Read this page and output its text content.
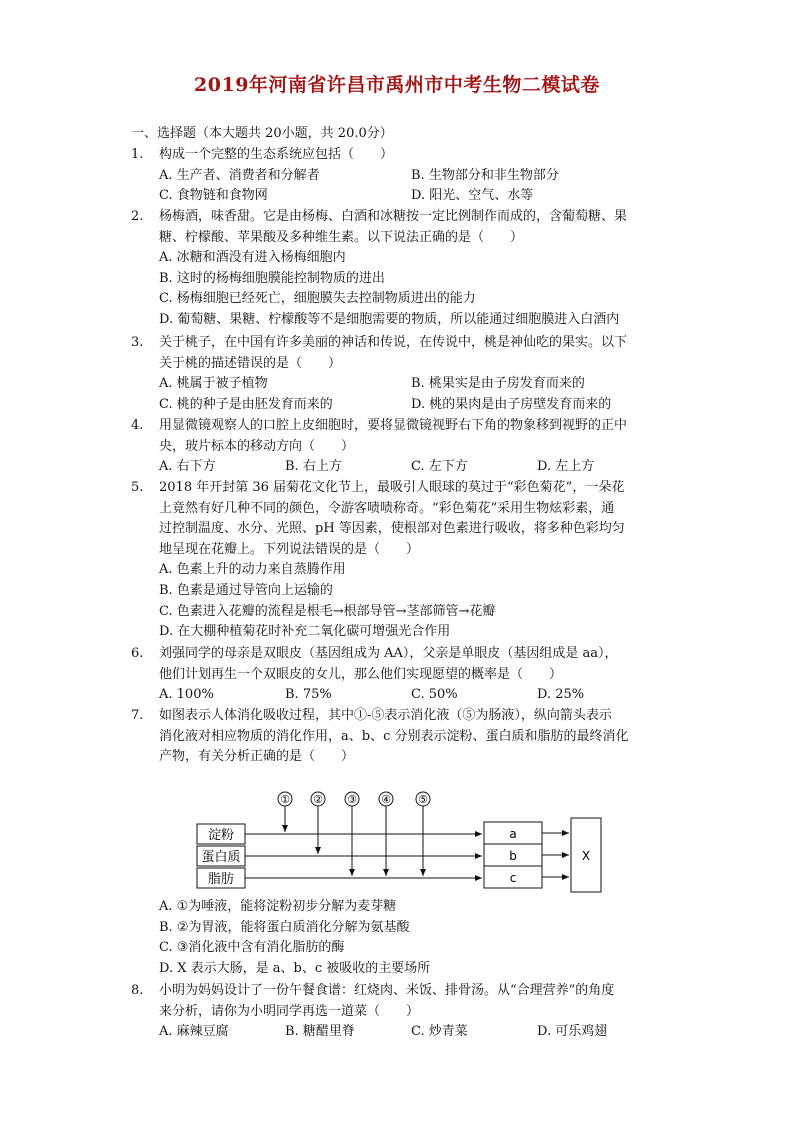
2019年河南省许昌市禹州市中考生物二模试卷
一、选择题（本大题共 20小题，共 20.0分）
1. 构成一个完整的生态系统应包括（　　）

A. 生产者、消费者和分解者	B. 生物部分和非生物部分
C. 食物链和食物网	D. 阳光、空气、水等
2. 杨梅酒，味香甜。它是由杨梅、白酒和冰糖按一定比例制作而成的，含葡萄糖、果

糖、柠檬酸、苹果酸及多种维生素。以下说法正确的是（　　）

A. 冰糖和酒没有进入杨梅细胞内
B. 这时的杨梅细胞膜能控制物质的进出
C. 杨梅细胞已经死亡，细胞膜失去控制物质进出的能力
D. 葡萄糖、果糖、柠檬酸等不是细胞需要的物质，所以能通过细胞膜进入白酒内
3. 关于桃子，在中国有许多美丽的神话和传说，在传说中，桃是神仙吃的果实。以下

关于桃的描述错误的是（　　）

A. 桃属于被子植物	B. 桃果实是由子房发育而来的
C. 桃的种子是由胚发育而来的	D. 桃的果肉是由子房壁发育而来的
4. 用显微镜观察人的口腔上皮细胞时，要将显微镜视野右下角的物象移到视野的正中

央，玻片标本的移动方向（　　）

A. 右下方	B. 右上方	C. 左下方	D. 左上方
5. 2018 年开封第 36 届菊花文化节上，最吸引人眼球的莫过于“彩色菊花”，一朵花

上竟然有好几种不同的颜色，令游客啧啧称奇。“彩色菊花”采用生物炫彩素，通

过控制温度、水分、光照、pH 等因素，使根部对色素进行吸收，将多种色彩均匀

地呈现在花瓣上。下列说法错误的是（　　）

A. 色素上升的动力来自蒸腾作用
B. 色素是通过导管向上运输的
C. 色素进入花瓣的流程是根毛→根部导管→茎部筛管→花瓣
D. 在大棚种植菊花时补充二氧化碳可增强光合作用
6. 刘强同学的母亲是双眼皮（基因组成为 AA），父亲是单眼皮（基因组成是 aa），

他们计划再生一个双眼皮的女儿，那么他们实现愿望的概率是（　　）

A. 100%	B. 75%	C. 50%	D. 25%
7. 如图表示人体消化吸收过程，其中①-⑤表示消化液（⑤为肠液），纵向箭头表示

消化液对相应物质的消化作用，a、b、c 分别表示淀粉、蛋白质和脂肪的最终消化

产物，有关分析正确的是（　　）

淀粉
蛋白质
脂肪
① ② ③ ④ ⑤
a
b
c
X
A. ①为唾液，能将淀粉初步分解为麦芽糖
B. ②为胃液，能将蛋白质消化分解为氨基酸
C. ③消化液中含有消化脂肪的酶
D. X 表示大肠，是 a、b、c 被吸收的主要场所
8. 小明为妈妈设计了一份午餐食谱：红烧肉、米饭、排骨汤。从“合理营养”的角度

来分析，请你为小明同学再选一道菜（　　）

A. 麻辣豆腐	B. 糖醋里脊	C. 炒青菜	D. 可乐鸡翅
